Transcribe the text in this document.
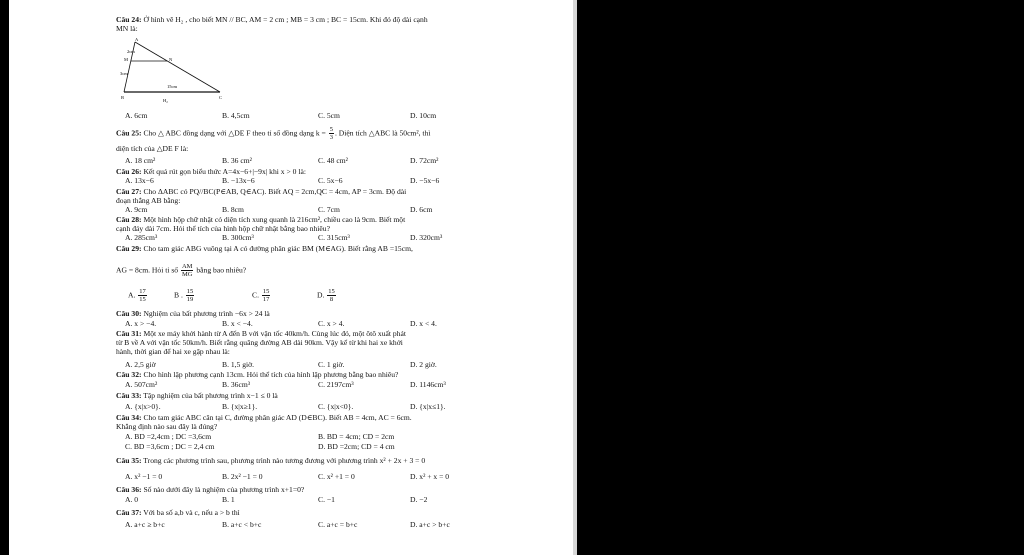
Câu 24: Ở hình vẽ H₂ , cho biết MN // BC, AM = 2 cm ; MB = 3 cm ; BC = 15cm. Khi đó độ dài cạnh
MN là:
A
M	N
B	C
2cm
3cm
15cm
H₂
A. 6cm	B. 4,5cm	C. 5cm	D. 10cm
Câu 25: Cho △ ABC đồng dạng với △DE F theo tỉ số đồng dạng $k = \frac{5}{3}$ . Diện tích △ABC là 50cm², thì
diện tích của △DE F là:
A. 18 cm²	B. 36 cm²	C. 48 cm²	D. 72cm²
Câu 26: Kết quả rút gọn biểu thức A=4x−6+|−9x| khi x > 0 là:
A. 13x−6	B. −13x−6	C. 5x−6	D. −5x−6
Câu 27: Cho ΔABC có PQ//BC(P∈AB, Q∈AC). Biết AQ = 2cm,QC = 4cm, AP = 3cm. Độ dài
đoạn thẳng AB bằng:
A. 9cm	B. 8cm	C. 7cm	D. 6cm
Câu 28: Một hình hộp chữ nhật có diện tích xung quanh là 216cm², chiều cao là 9cm. Biết một
cạnh đáy dài 7cm. Hỏi thể tích của hình hộp chữ nhật bằng bao nhiêu?
A. 285cm³	B. 300cm³	C. 315cm³	D. 320cm³
Câu 29: Cho tam giác ABG vuông tại A có đường phân giác BM (M∈AG). Biết rằng AB =15cm,
AG = 8cm. Hỏi tỉ số $\frac{AM}{MG}$ bằng bao nhiêu?
A. $\frac{17}{15}$	B . $\frac{15}{19}$	C. $\frac{15}{17}$	D. $\frac{15}{8}$
Câu 30: Nghiệm của bất phương trình −6x > 24 là
A. x > −4.	B. x < −4.	C. x > 4.	D. x < 4.
Câu 31: Một xe máy khởi hành từ A đến B với vận tốc 40km/h. Cùng lúc đó, một ôtô xuất phát
từ B về A với vận tốc 50km/h. Biết rằng quãng đường AB dài 90km. Vậy kể từ khi hai xe khởi
hành, thời gian để hai xe gặp nhau là:
A. 2,5 giờ	B. 1,5 giờ.	C. 1 giờ.	D. 2 giờ.
Câu 32: Cho hình lập phương cạnh 13cm. Hỏi thể tích của hình lập phương bằng bao nhiêu?
A. 507cm²	B. 36cm³	C. 2197cm³	D. 1146cm³
Câu 33: Tập nghiệm của bất phương trình x−1 ≤ 0 là
A. {x|x>0}.	B. {x|x≥1}.	C. {x|x<0}.	D. {x|x≤1}.
Câu 34: Cho tam giác ABC cân tại C, đường phân giác AD (D∈BC). Biết AB = 4cm, AC = 6cm.
Khẳng định nào sau đây là đúng?
A. BD =2,4cm ; DC =3,6cm	B. BD = 4cm; CD = 2cm
C. BD =3,6cm ; DC = 2,4 cm	D. BD =2cm; CD = 4 cm
Câu 35: Trong các phương trình sau, phương trình nào tương đương với phương trình x² + 2x + 3 = 0
A. x² −1 = 0	B. 2x² −1 = 0	C. x² +1 = 0	D. x² + x = 0
Câu 36: Số nào dưới đây là nghiệm của phương trình x+1=0?
A. 0	B. 1	C. −1	D. −2
Câu 37: Với ba số a,b và c, nếu a > b thì
A. a+c ≥ b+c	B. a+c < b+c	C. a+c = b+c	D. a+c > b+c
